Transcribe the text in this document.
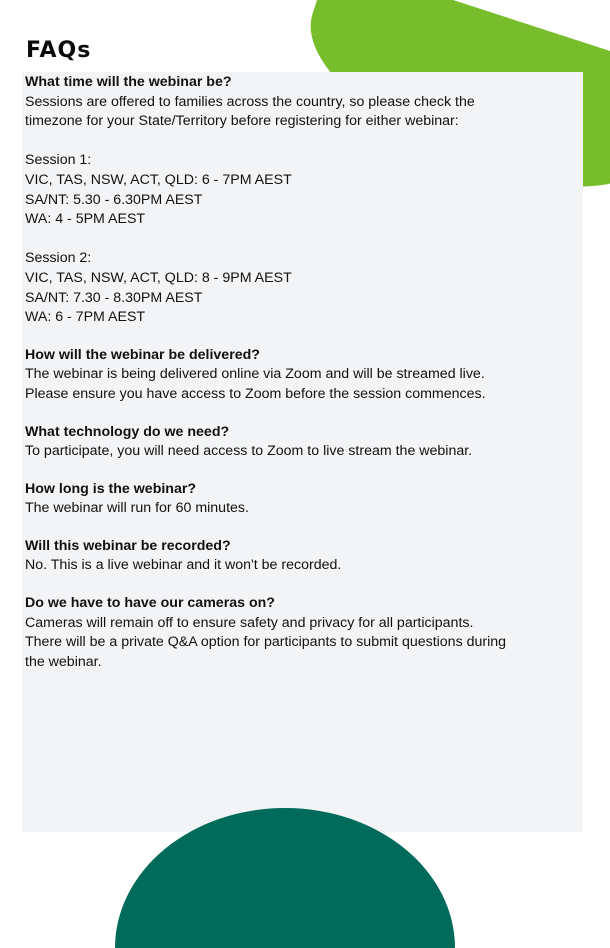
FAQs
What time will the webinar be?
Sessions are offered to families across the country, so please check the
timezone for your State/Territory before registering for either webinar:
Session 1:
VIC, TAS, NSW, ACT, QLD: 6 - 7PM AEST
SA/NT: 5.30 - 6.30PM AEST
WA: 4 - 5PM AEST
Session 2:
VIC, TAS, NSW, ACT, QLD: 8 - 9PM AEST
SA/NT: 7.30 - 8.30PM AEST
WA: 6 - 7PM AEST
How will the webinar be delivered?
The webinar is being delivered online via Zoom and will be streamed live.
Please ensure you have access to Zoom before the session commences.
What technology do we need?
To participate, you will need access to Zoom to live stream the webinar.
How long is the webinar?
The webinar will run for 60 minutes.
Will this webinar be recorded?
No. This is a live webinar and it won't be recorded.
Do we have to have our cameras on?
Cameras will remain off to ensure safety and privacy for all participants.
There will be a private Q&A option for participants to submit questions during
the webinar.
